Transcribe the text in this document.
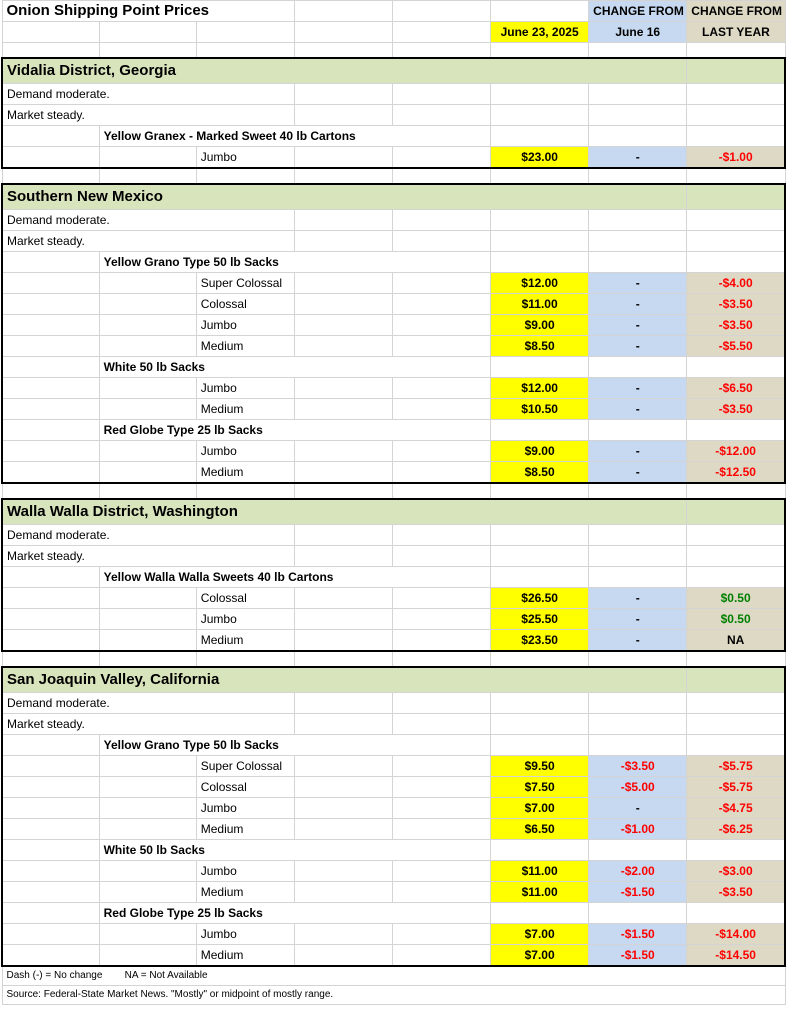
Onion Shipping Point Prices						CHANGE FROM	CHANGE FROM
					June 23, 2025	June 16	LAST YEAR

Vidalia District, Georgia							
Demand moderate.							
Market steady.							
	Yellow Granex - Marked Sweet 40 lb Cartons						
		Jumbo			$23.00	-	-$1.00

Southern New Mexico							
Demand moderate.							
Market steady.							
	Yellow Grano Type 50 lb Sacks						
		Super Colossal			$12.00	-	-$4.00
		Colossal			$11.00	-	-$3.50
		Jumbo			$9.00	-	-$3.50
		Medium			$8.50	-	-$5.50
	White 50 lb Sacks						
		Jumbo			$12.00	-	-$6.50
		Medium			$10.50	-	-$3.50
	Red Globe Type 25 lb Sacks						
		Jumbo			$9.00	-	-$12.00
		Medium			$8.50	-	-$12.50

Walla Walla District, Washington							
Demand moderate.							
Market steady.							
	Yellow Walla Walla Sweets 40 lb Cartons						
		Colossal			$26.50	-	$0.50
		Jumbo			$25.50	-	$0.50
		Medium			$23.50	-	NA

San Joaquin Valley, California							
Demand moderate.							
Market steady.							
	Yellow Grano Type 50 lb Sacks						
		Super Colossal			$9.50	-$3.50	-$5.75
		Colossal			$7.50	-$5.00	-$5.75
		Jumbo			$7.00	-	-$4.75
		Medium			$6.50	-$1.00	-$6.25
	White 50 lb Sacks						
		Jumbo			$11.00	-$2.00	-$3.00
		Medium			$11.00	-$1.50	-$3.50
	Red Globe Type 25 lb Sacks						
		Jumbo			$7.00	-$1.50	-$14.00
		Medium			$7.00	-$1.50	-$14.50
Dash (-) = No change        NA = Not Available							
Source: Federal-State Market News. "Mostly" or midpoint of mostly range.							
